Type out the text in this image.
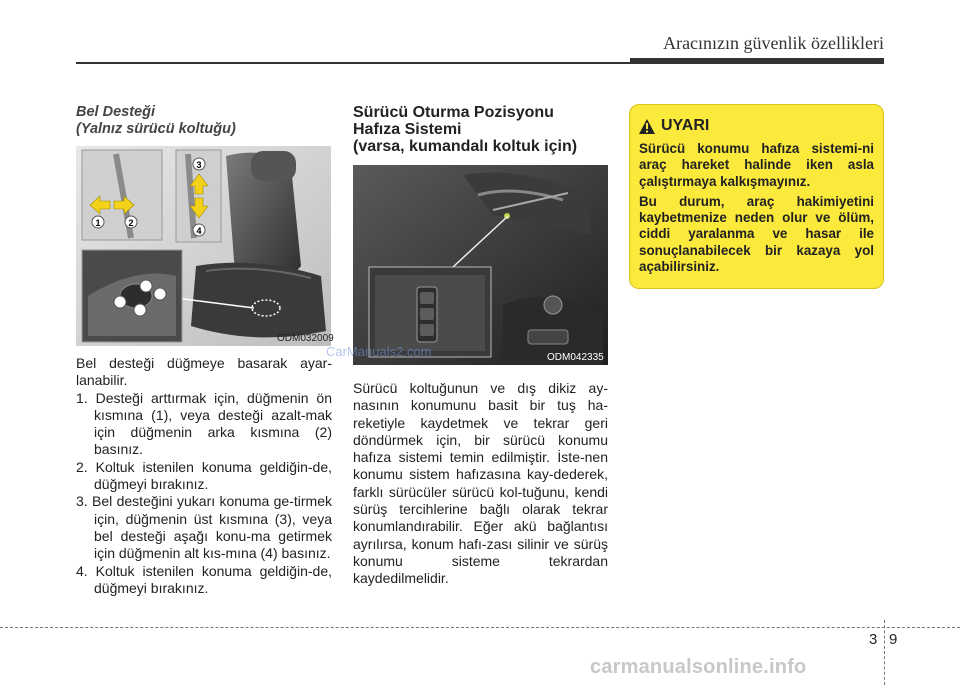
Aracınızın güvenlik özellikleri
Bel Desteği
(Yalnız sürücü koltuğu)
1	2
3
4
ODM032009

Bel desteği düğmeye basarak ayar-lanabilir.

1. Desteği arttırmak için, düğmenin ön kısmına (1), veya desteği azalt-mak için düğmenin arka kısmına (2) basınız.
2. Koltuk istenilen konuma geldiğin-de, düğmeyi bırakınız.
3. Bel desteğini yukarı konuma ge-tirmek için, düğmenin üst kısmına (3), veya bel desteği aşağı konu-ma getirmek için düğmenin alt kıs-mına (4) basınız.
4. Koltuk istenilen konuma geldiğin-de, düğmeyi bırakınız.
Sürücü Oturma Pozisyonu
Hafıza Sistemi
(varsa, kumandalı koltuk için)
ODM042335

Sürücü koltuğunun ve dış dikiz ay-nasının konumunu basit bir tuş ha-reketiyle kaydetmek ve tekrar geri döndürmek için, bir sürücü konumu hafıza sistemi temin edilmiştir. İste-nen konumu sistem hafızasına kay-dederek, farklı sürücüler sürücü kol-tuğunu, kendi sürüş tercihlerine bağlı olarak tekrar konumlandırabilir. Eğer akü bağlantısı ayrılırsa, konum hafı-zası silinir ve sürüş konumu sisteme tekrardan kaydedilmelidir.

UYARI

Sürücü konumu hafıza sistemi-ni araç hareket halinde iken asla çalıştırmaya kalkışmayınız.

Bu durum, araç hakimiyetini kaybetmenize neden olur ve ölüm, ciddi yaralanma ve hasar ile sonuçlanabilecek bir kazaya yol açabilirsiniz.

CarManuals2.com
3 9
carmanualsonline.info
